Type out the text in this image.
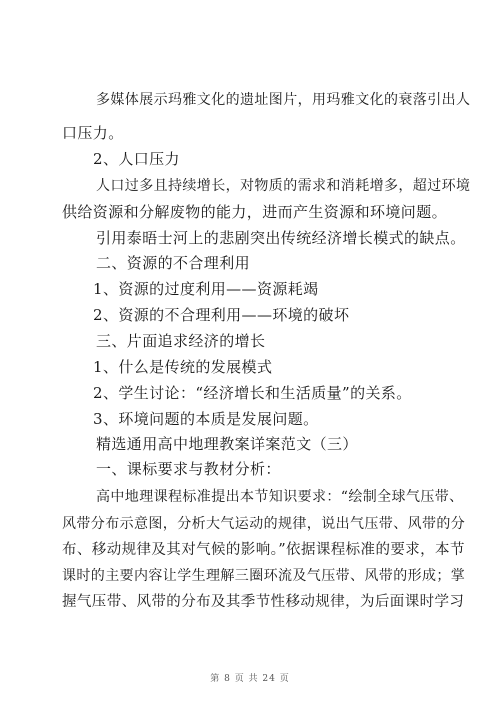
多媒体展示玛雅文化的遗址图片，用玛雅文化的衰落引出人
口压力。
2、人口压力
人口过多且持续增长，对物质的需求和消耗增多，超过环境
供给资源和分解废物的能力，进而产生资源和环境问题。
引用泰晤士河上的悲剧突出传统经济增长模式的缺点。
二、资源的不合理利用
1、资源的过度利用——资源耗竭
2、资源的不合理利用——环境的破坏
三、片面追求经济的增长
1、什么是传统的发展模式
2、学生讨论：“经济增长和生活质量”的关系。
3、环境问题的本质是发展问题。
精选通用高中地理教案详案范文（三）
一、课标要求与教材分析：
高中地理课程标准提出本节知识要求：“绘制全球气压带、
风带分布示意图，分析大气运动的规律，说出气压带、风带的分
布、移动规律及其对气候的影响。”依据课程标准的要求，本节
课时的主要内容让学生理解三圈环流及气压带、风带的形成；掌
握气压带、风带的分布及其季节性移动规律，为后面课时学习
第 8 页 共 24 页
